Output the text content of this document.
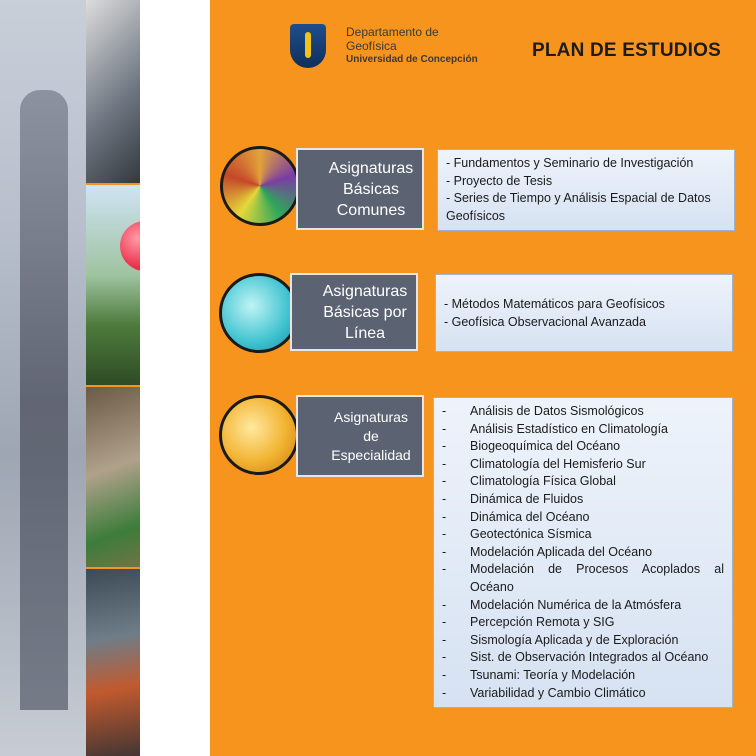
Departamento de
Geofísica
Universidad de Concepción	PLAN DE ESTUDIOS
Asignaturas
Básicas
Comunes
- Fundamentos y Seminario de Investigación
- Proyecto de Tesis
- Series de Tiempo y Análisis Espacial de Datos Geofísicos
Asignaturas
Básicas por
Línea
- Métodos Matemáticos para Geofísicos
- Geofísica Observacional Avanzada
Asignaturas
de
Especialidad
-	Análisis de Datos Sismológicos
-	Análisis Estadístico en Climatología
-	Biogeoquímica del Océano
-	Climatología del Hemisferio Sur
-	Climatología Física Global
-	Dinámica de Fluidos
-	Dinámica del Océano
-	Geotectónica Sísmica
-	Modelación Aplicada del Océano
-	Modelación de Procesos Acoplados al Océano
-	Modelación Numérica de la Atmósfera
-	Percepción Remota y SIG
-	Sismología Aplicada y de Exploración
-	Sist. de Observación Integrados al Océano
-	Tsunami: Teoría y Modelación
-	Variabilidad y Cambio Climático
